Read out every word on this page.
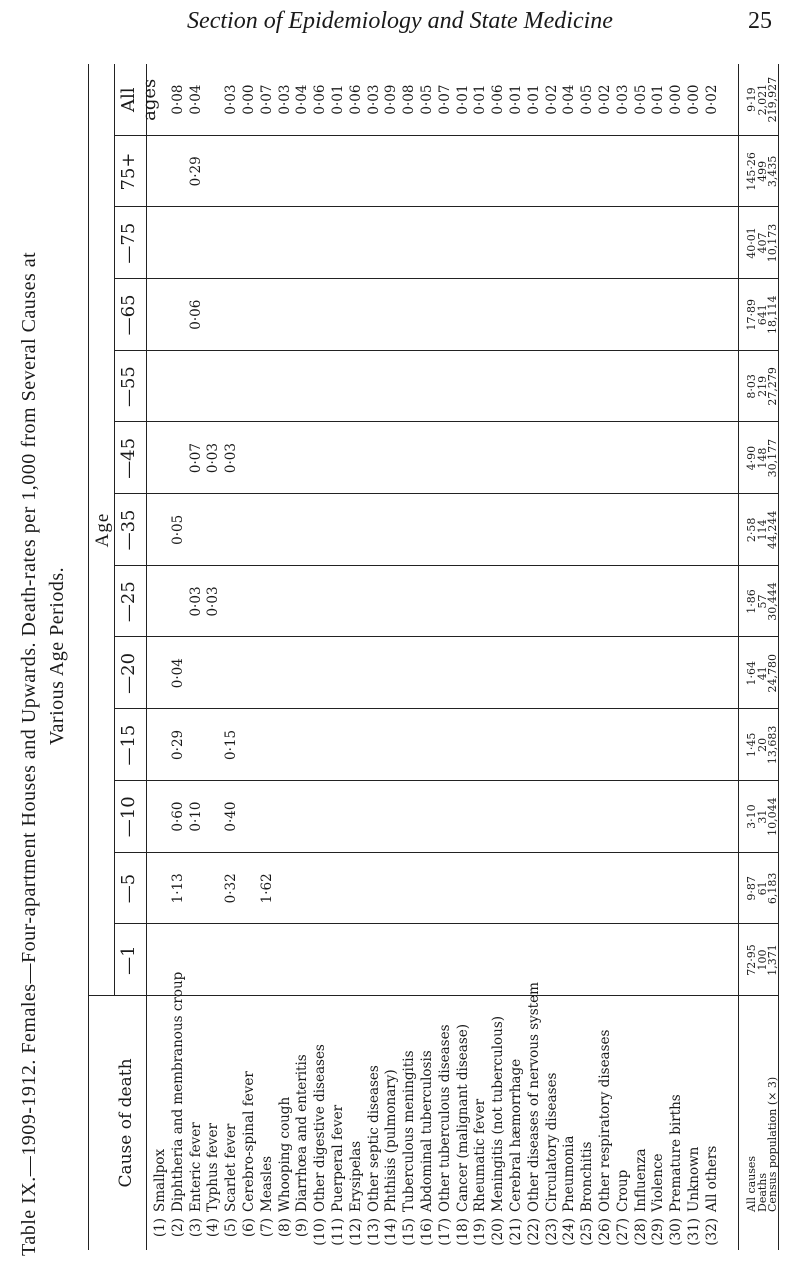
Section of Epidemiology and State Medicine	25
Table IX.—1909-1912. Females—Four-apartment Houses and Upwards. Death-rates per 1,000 from Several Causes at Various Age Periods.
Age
Cause of death
—1
—5
—10
—15
—20
—25
—35
—45
—55
—65
—75
75+
All ages
(1)
Smallpox
(2)
Diphtheria and membranous croup
1·13
0·60
0·29
0·04
0·05
0·08
(3)
Enteric fever
0·10
0·03
0·07
0·06
0·29
0·04
(4)
Typhus fever
0·03
0·03
(5)
Scarlet fever
0·32
0·40
0·15
0·03
0·03
(6)
Cerebro-spinal fever
0·00
(7)
Measles
1·62
0·07
(8)
Whooping cough
0·03
(9)
Diarrhœa and enteritis
0·04
(10)
Other digestive diseases
0·06
(11)
Puerperal fever
0·01
(12)
Erysipelas
0·06
(13)
Other septic diseases
0·03
(14)
Phthisis (pulmonary)
0·09
(15)
Tuberculous meningitis
0·08
(16)
Abdominal tuberculosis
0·05
(17)
Other tuberculous diseases
0·07
(18)
Cancer (malignant disease)
0·01
(19)
Rheumatic fever
0·01
(20)
Meningitis (not tuberculous)
0·06
(21)
Cerebral hæmorrhage
0·01
(22)
Other diseases of nervous system
0·01
(23)
Circulatory diseases
0·02
(24)
Pneumonia
0·04
(25)
Bronchitis
0·05
(26)
Other respiratory diseases
0·02
(27)
Croup
0·03
(28)
Influenza
0·05
(29)
Violence
0·01
(30)
Premature births
0·00
(31)
Unknown
0·00
(32)
All others
0·02
All causes
72·95
9·87
3·10
1·45
1·64
1·86
2·58
4·90
8·03
17·89
40·01
145·26
9·19
Deaths
100
61
31
20
41
57
114
148
219
641
407
499
2,021
Census population (× 3)
1,371
6,183
10,044
13,683
24,780
30,444
44,244
30,177
27,279
18,114
10,173
3,435
219,927
